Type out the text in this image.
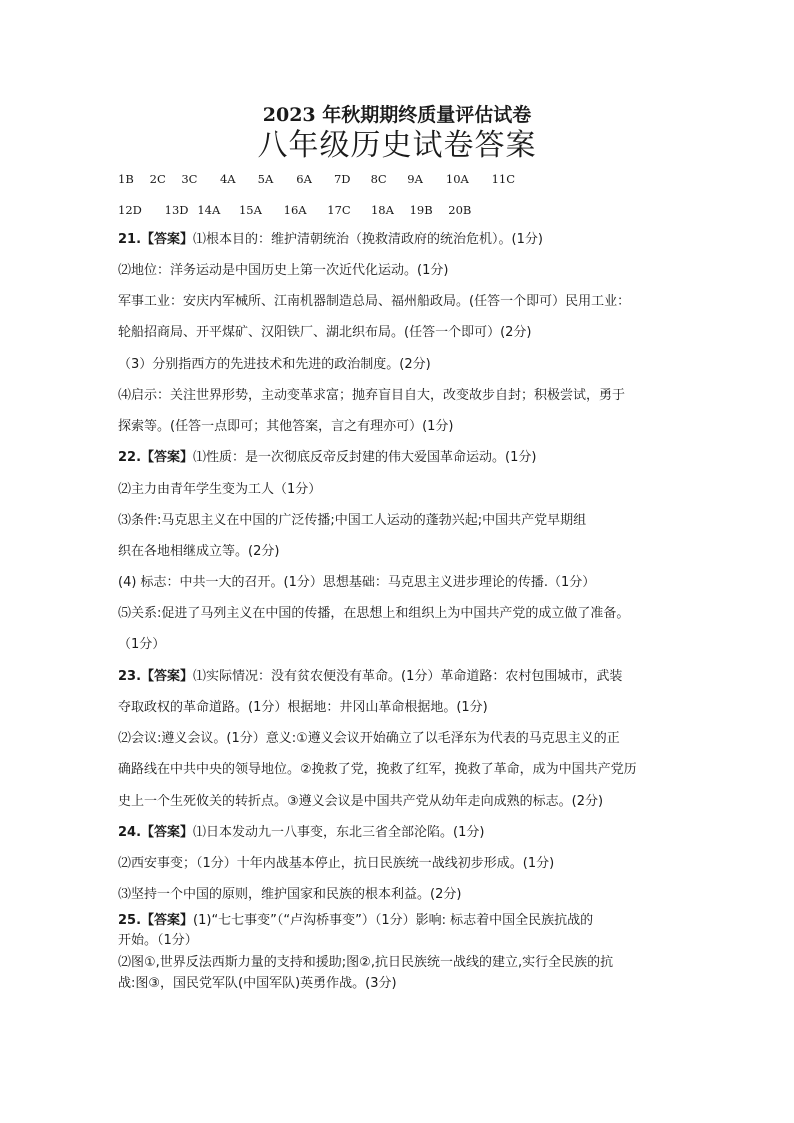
2023 年秋期期终质量评估试卷
八年级历史试卷答案
1B 2C 3C 4A 5A 6A 7D 8C 9A 10A 11C
12D 13D 14A 15A 16A 17C 18A 19B 20B
21.【答案】⑴根本目的：维护清朝统治（挽救清政府的统治危机）。(1分)
⑵地位：洋务运动是中国历史上第一次近代化运动。(1分)
军事工业：安庆内军械所、江南机器制造总局、福州船政局。(任答一个即可）民用工业：
轮船招商局、开平煤矿、汉阳铁厂、湖北织布局。(任答一个即可）(2分)
（3）分别指西方的先进技术和先进的政治制度。(2分)
⑷启示：关注世界形势，主动变革求富；抛弃盲目自大，改变故步自封；积极尝试，勇于
探索等。(任答一点即可；其他答案，言之有理亦可）(1分)
22.【答案】⑴性质：是一次彻底反帝反封建的伟大爱国革命运动。(1分)
⑵主力由青年学生变为工人（1分）
⑶条件:马克思主义在中国的广泛传播;中国工人运动的蓬勃兴起;中国共产党早期组
织在各地相继成立等。(2分)
(4) 标志：中共一大的召开。(1分）思想基础：马克思主义进步理论的传播.（1分）
⑸关系:促进了马列主义在中国的传播，在思想上和组织上为中国共产党的成立做了准备。
（1分）
23.【答案】⑴实际情况：没有贫农便没有革命。(1分）革命道路：农村包围城市，武装
夺取政权的革命道路。(1分）根据地：井冈山革命根据地。(1分)
⑵会议:遵义会议。(1分）意义:①遵义会议开始确立了以毛泽东为代表的马克思主义的正
确路线在中共中央的领导地位。②挽救了党，挽救了红军，挽救了革命，成为中国共产党历
史上一个生死攸关的转折点。③遵义会议是中国共产党从幼年走向成熟的标志。(2分)
24.【答案】⑴日本发动九一八事变，东北三省全部沦陷。(1分)
⑵西安事变；（1分）十年内战基本停止，抗日民族统一战线初步形成。(1分)
⑶坚持一个中国的原则，维护国家和民族的根本利益。(2分)
25.【答案】(1)“七七事变”（“卢沟桥事变”）（1分）影响: 标志着中国全民族抗战的
开始。（1分）
⑵图①,世界反法西斯力量的支持和援助;图②,抗日民族统一战线的建立,实行全民族的抗
战:图③，国民党军队(中国军队)英勇作战。(3分)
